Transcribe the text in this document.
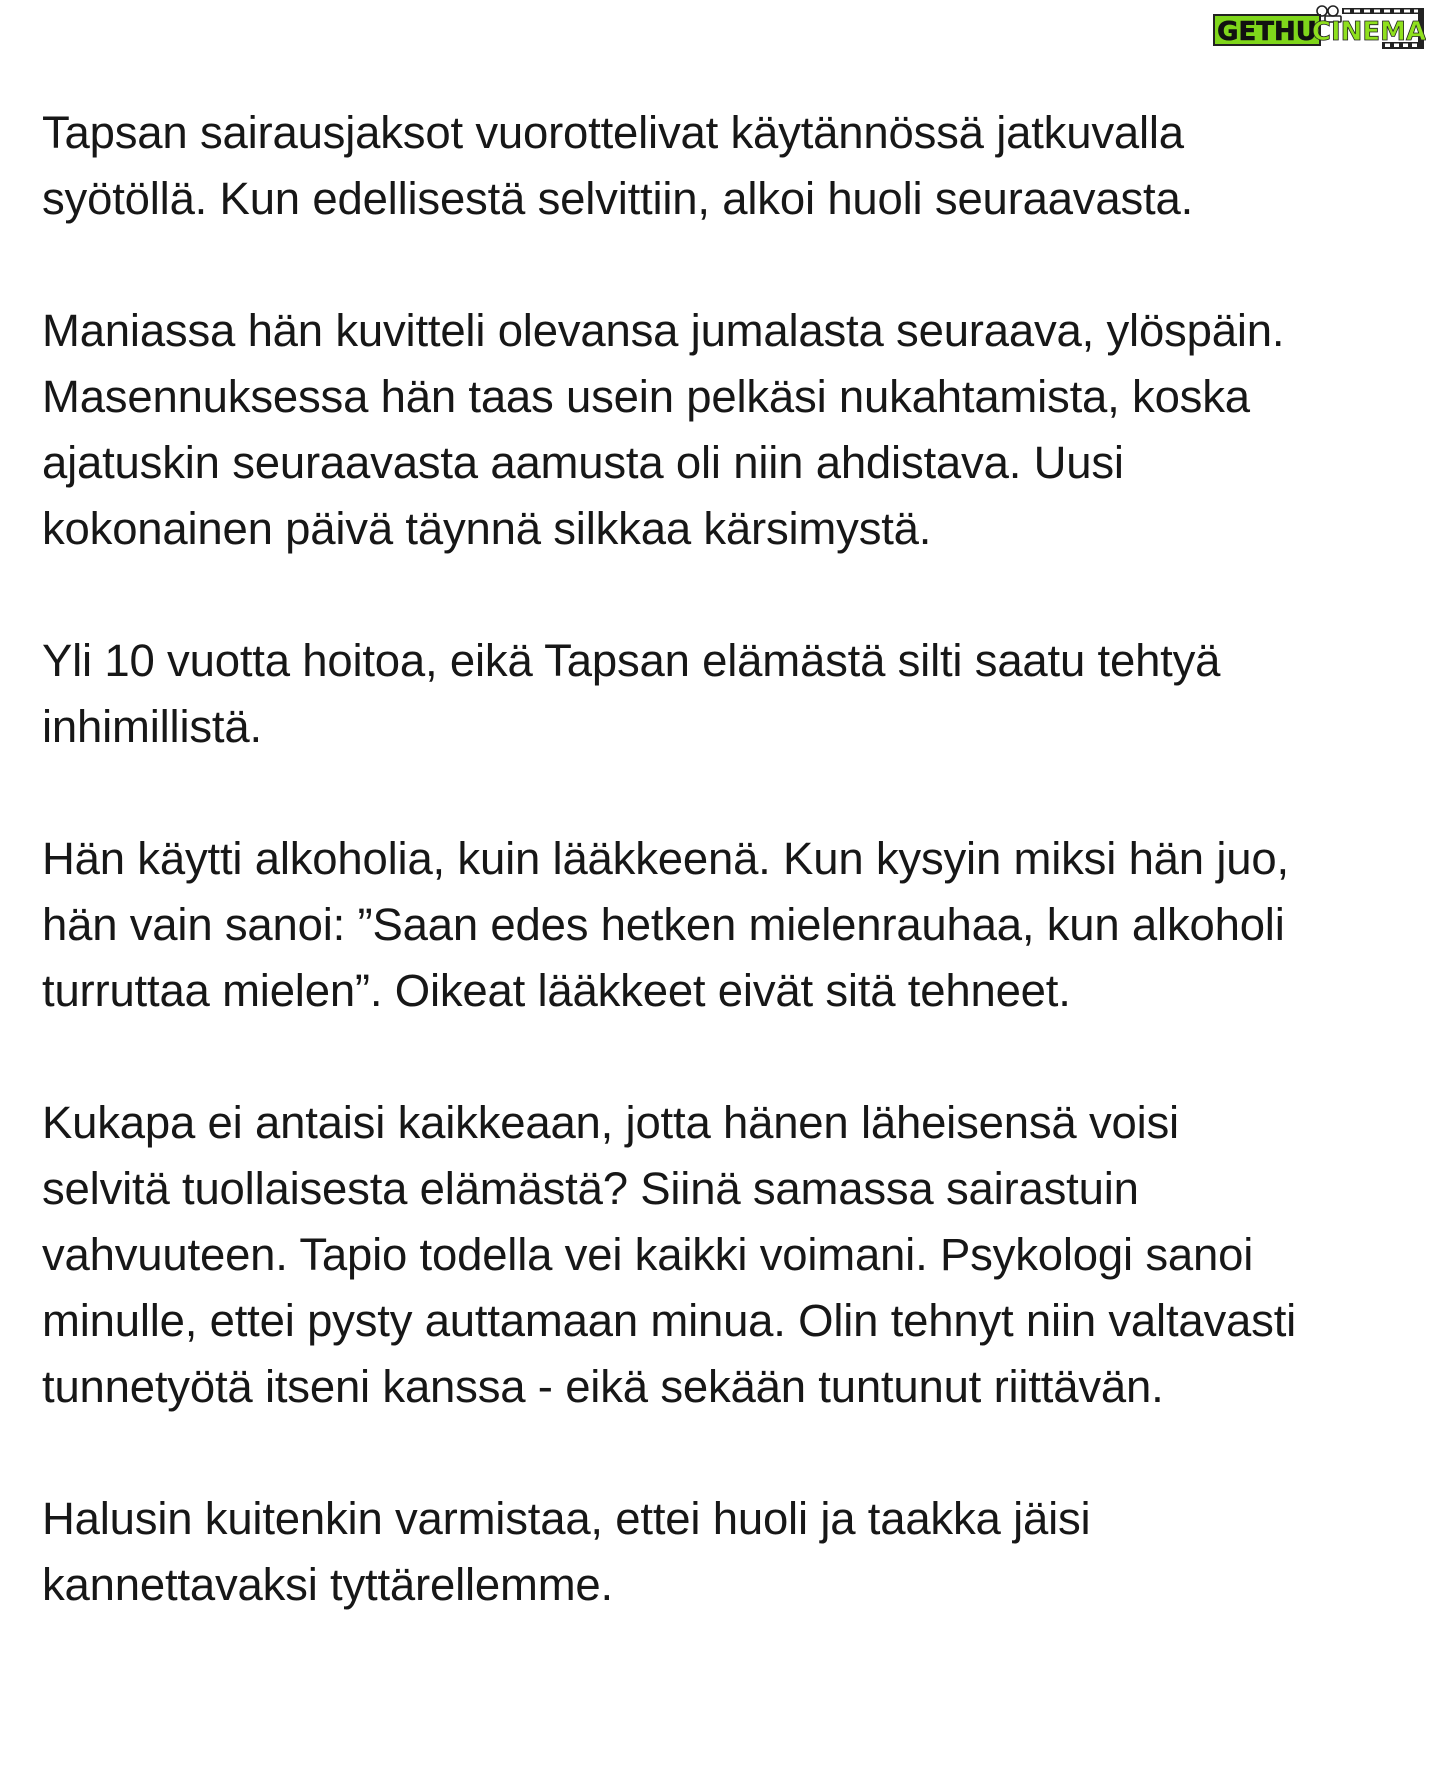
GETHU
CINEMA

Tapsan sairausjaksot vuorottelivat käytännössä jatkuvalla
syötöllä. Kun edellisestä selvittiin, alkoi huoli seuraavasta.

Maniassa hän kuvitteli olevansa jumalasta seuraava, ylöspäin.
Masennuksessa hän taas usein pelkäsi nukahtamista, koska
ajatuskin seuraavasta aamusta oli niin ahdistava. Uusi
kokonainen päivä täynnä silkkaa kärsimystä.

Yli 10 vuotta hoitoa, eikä Tapsan elämästä silti saatu tehtyä
inhimillistä.

Hän käytti alkoholia, kuin lääkkeenä. Kun kysyin miksi hän juo,
hän vain sanoi: ”Saan edes hetken mielenrauhaa, kun alkoholi
turruttaa mielen”. Oikeat lääkkeet eivät sitä tehneet.

Kukapa ei antaisi kaikkeaan, jotta hänen läheisensä voisi
selvitä tuollaisesta elämästä? Siinä samassa sairastuin
vahvuuteen. Tapio todella vei kaikki voimani. Psykologi sanoi
minulle, ettei pysty auttamaan minua. Olin tehnyt niin valtavasti
tunnetyötä itseni kanssa - eikä sekään tuntunut riittävän.

Halusin kuitenkin varmistaa, ettei huoli ja taakka jäisi
kannettavaksi tyttärellemme.
